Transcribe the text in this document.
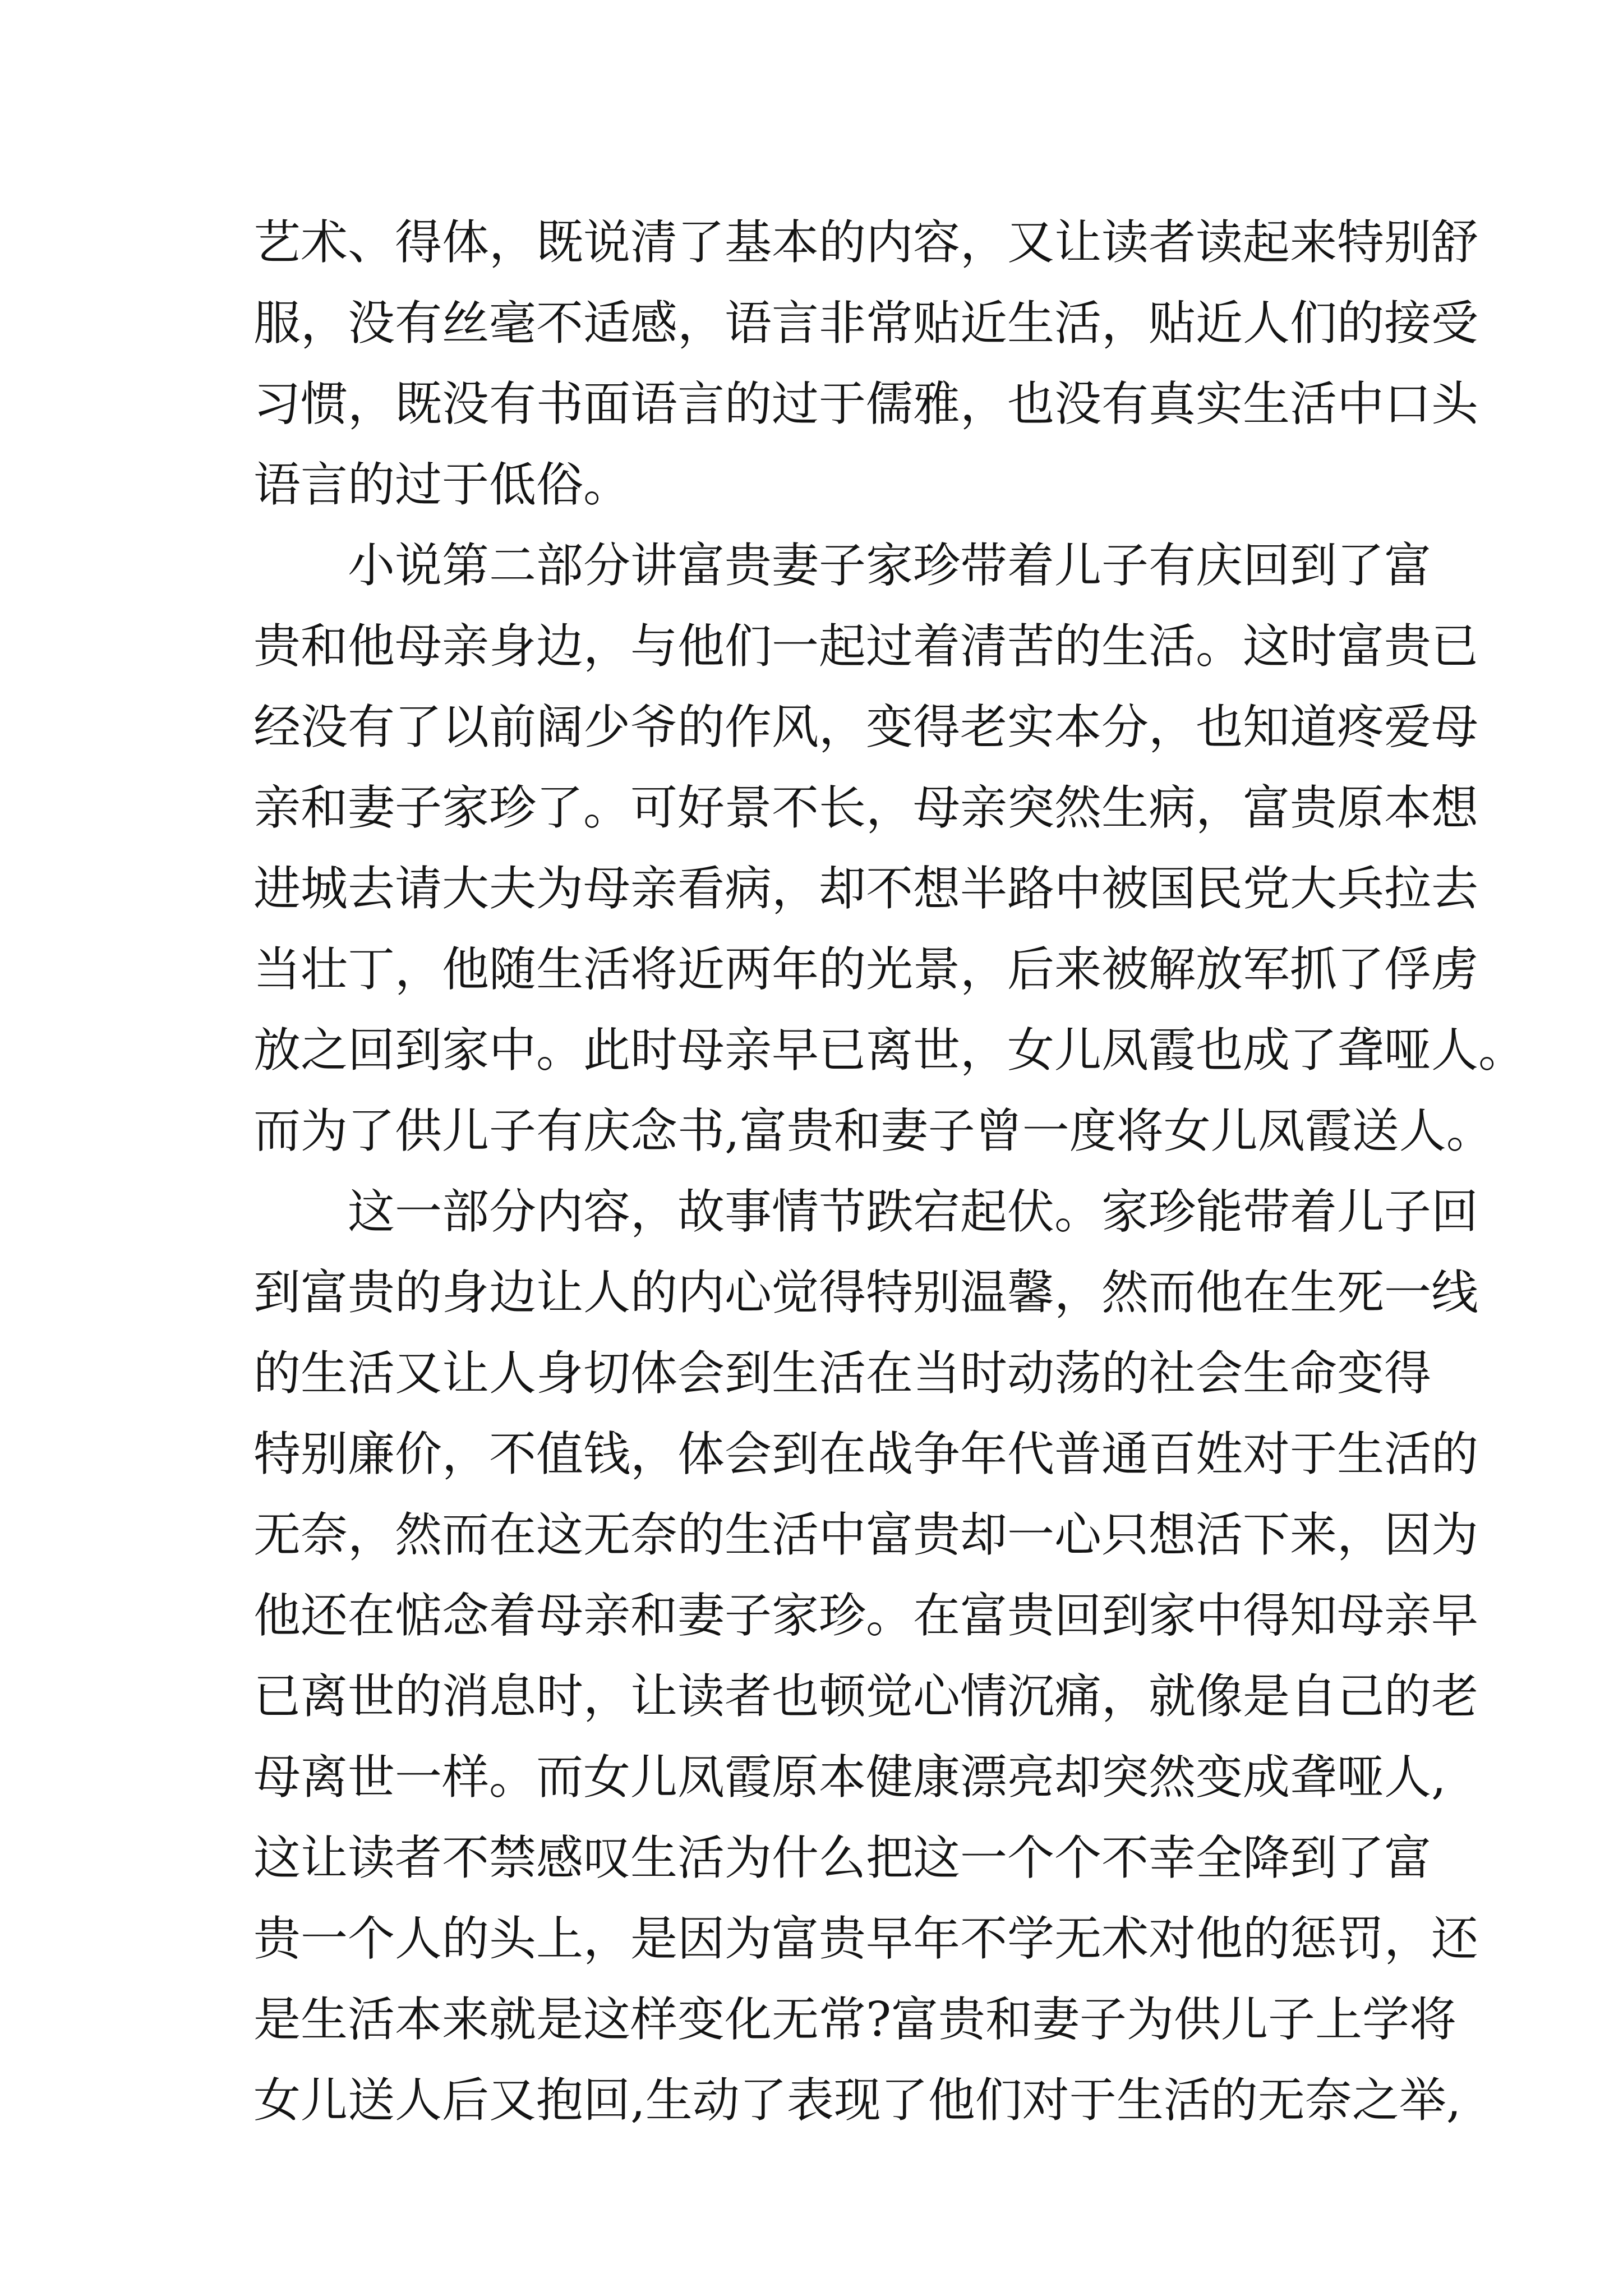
艺术、得体，既说清了基本的内容，又让读者读起来特别舒
服，没有丝毫不适感，语言非常贴近生活，贴近人们的接受
习惯，既没有书面语言的过于儒雅，也没有真实生活中口头
语言的过于低俗。
小说第二部分讲富贵妻子家珍带着儿子有庆回到了富
贵和他母亲身边，与他们一起过着清苦的生活。这时富贵已
经没有了以前阔少爷的作风，变得老实本分，也知道疼爱母
亲和妻子家珍了。可好景不长，母亲突然生病，富贵原本想
进城去请大夫为母亲看病，却不想半路中被国民党大兵拉去
当壮丁，他随生活将近两年的光景，后来被解放军抓了俘虏
放之回到家中。此时母亲早已离世，女儿凤霞也成了聋哑人。
而为了供儿子有庆念书,富贵和妻子曾一度将女儿凤霞送人。
这一部分内容，故事情节跌宕起伏。家珍能带着儿子回
到富贵的身边让人的内心觉得特别温馨，然而他在生死一线
的生活又让人身切体会到生活在当时动荡的社会生命变得
特别廉价，不值钱，体会到在战争年代普通百姓对于生活的
无奈，然而在这无奈的生活中富贵却一心只想活下来，因为
他还在惦念着母亲和妻子家珍。在富贵回到家中得知母亲早
已离世的消息时，让读者也顿觉心情沉痛，就像是自己的老
母离世一样。而女儿凤霞原本健康漂亮却突然变成聋哑人,
这让读者不禁感叹生活为什么把这一个个不幸全降到了富
贵一个人的头上，是因为富贵早年不学无术对他的惩罚，还
是生活本来就是这样变化无常?富贵和妻子为供儿子上学将
女儿送人后又抱回,生动了表现了他们对于生活的无奈之举,
